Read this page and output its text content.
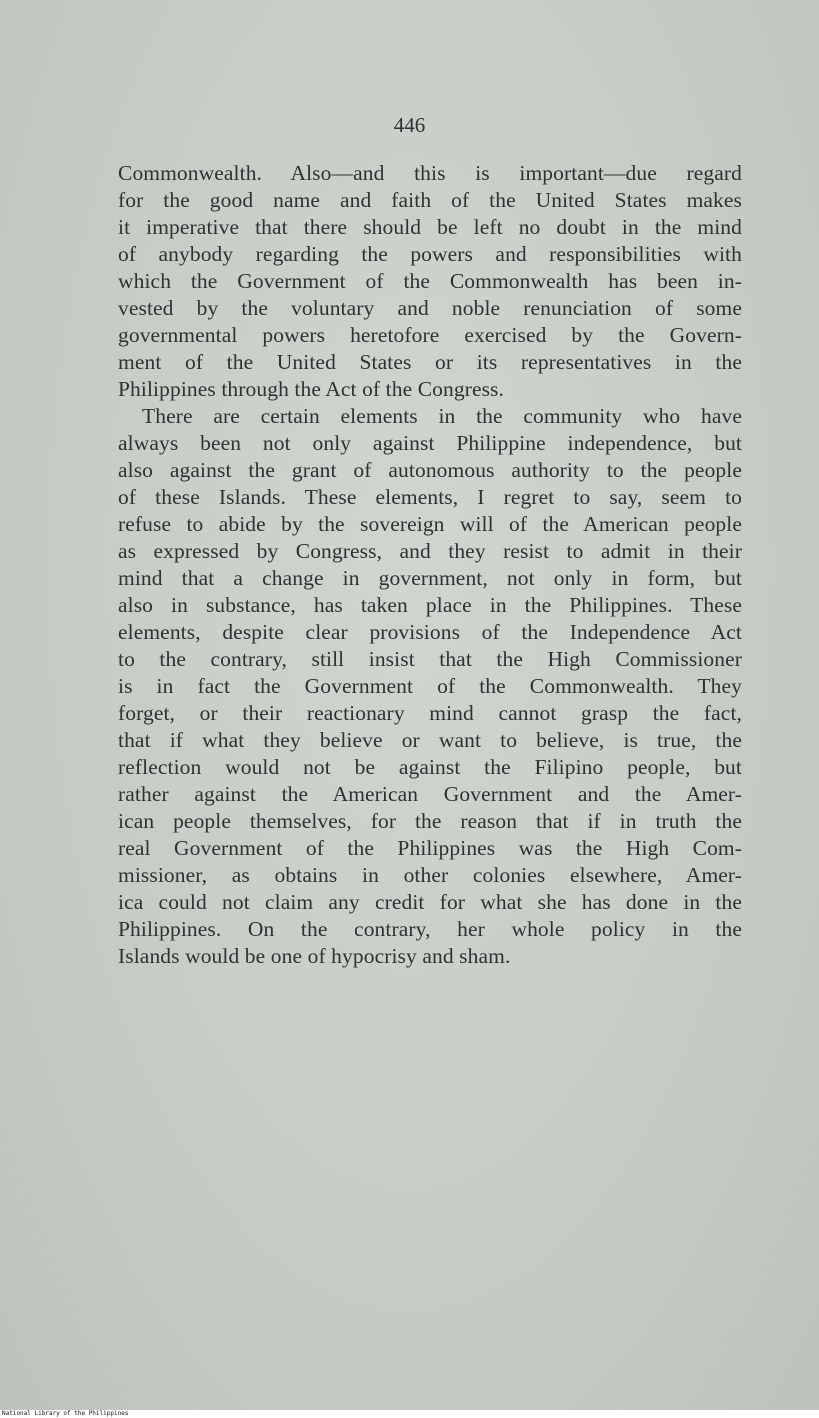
446
Commonwealth. Also—and this is important—due regard
for the good name and faith of the United States makes
it imperative that there should be left no doubt in the mind
of anybody regarding the powers and responsibilities with
which the Government of the Commonwealth has been in-
vested by the voluntary and noble renunciation of some
governmental powers heretofore exercised by the Govern-
ment of the United States or its representatives in the
Philippines through the Act of the Congress.
There are certain elements in the community who have
always been not only against Philippine independence, but
also against the grant of autonomous authority to the people
of these Islands. These elements, I regret to say, seem to
refuse to abide by the sovereign will of the American people
as expressed by Congress, and they resist to admit in their
mind that a change in government, not only in form, but
also in substance, has taken place in the Philippines. These
elements, despite clear provisions of the Independence Act
to the contrary, still insist that the High Commissioner
is in fact the Government of the Commonwealth. They
forget, or their reactionary mind cannot grasp the fact,
that if what they believe or want to believe, is true, the
reflection would not be against the Filipino people, but
rather against the American Government and the Amer-
ican people themselves, for the reason that if in truth the
real Government of the Philippines was the High Com-
missioner, as obtains in other colonies elsewhere, Amer-
ica could not claim any credit for what she has done in the
Philippines. On the contrary, her whole policy in the
Islands would be one of hypocrisy and sham.
National Library of the Philippines
